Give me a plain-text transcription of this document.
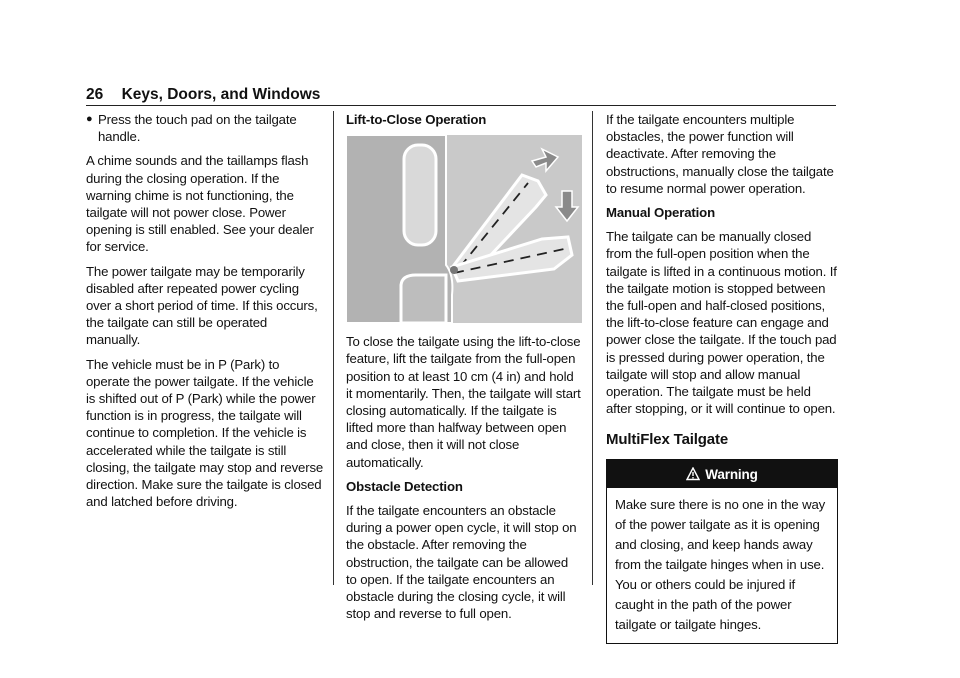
26 Keys, Doors, and Windows
● Press the touch pad on the tailgate handle.

A chime sounds and the taillamps flash during the closing operation. If the warning chime is not functioning, the tailgate will not power close. Power opening is still enabled. See your dealer for service.

The power tailgate may be temporarily disabled after repeated power cycling over a short period of time. If this occurs, the tailgate can still be operated manually.

The vehicle must be in P (Park) to operate the power tailgate. If the vehicle is shifted out of P (Park) while the power function is in progress, the tailgate will continue to completion. If the vehicle is accelerated while the tailgate is still closing, the tailgate may stop and reverse direction. Make sure the tailgate is closed and latched before driving.

Lift-to-Close Operation

To close the tailgate using the lift-to-close feature, lift the tailgate from the full-open position to at least 10 cm (4 in) and hold it momentarily. Then, the tailgate will start closing automatically. If the tailgate is lifted more than halfway between open and close, then it will not close automatically.

Obstacle Detection

If the tailgate encounters an obstacle during a power open cycle, it will stop on the obstacle. After removing the obstruction, the tailgate can be allowed to open. If the tailgate encounters an obstacle during the closing cycle, it will stop and reverse to full open.

If the tailgate encounters multiple obstacles, the power function will deactivate. After removing the obstructions, manually close the tailgate to resume normal power operation.

Manual Operation

The tailgate can be manually closed from the full-open position when the tailgate is lifted in a continuous motion. If the tailgate motion is stopped between the full-open and half-closed positions, the lift-to-close feature can engage and power close the tailgate. If the touch pad is pressed during power operation, the tailgate will stop and allow manual operation. The tailgate must be held after stopping, or it will continue to open.

MultiFlex Tailgate
Warning
Make sure there is no one in the way of the power tailgate as it is opening and closing, and keep hands away from the tailgate hinges when in use. You or others could be injured if caught in the path of the power tailgate or tailgate hinges.
